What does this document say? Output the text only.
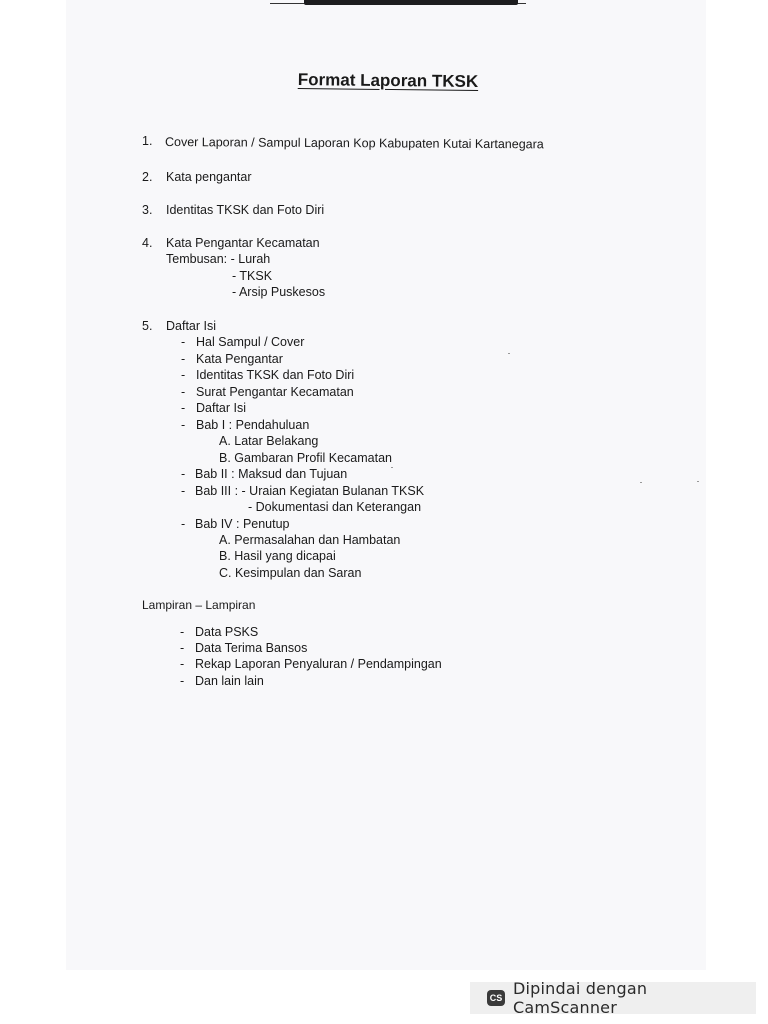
Format Laporan TKSK
1. Cover Laporan / Sampul Laporan Kop Kabupaten Kutai Kartanegara

2. Kata pengantar

3. Identitas TKSK dan Foto Diri

4. Kata Pengantar Kecamatan

Tembusan: - Lurah

- TKSK

- Arsip Puskesos

5. Daftar Isi

- Hal Sampul / Cover

- Kata Pengantar

- Identitas TKSK dan Foto Diri

- Surat Pengantar Kecamatan

- Daftar Isi

- Bab I : Pendahuluan

A. Latar Belakang

B. Gambaran Profil Kecamatan

- Bab II : Maksud dan Tujuan

- Bab III : - Uraian Kegiatan Bulanan TKSK

- Dokumentasi dan Keterangan

- Bab IV : Penutup

A. Permasalahan dan Hambatan

B. Hasil yang dicapai

C. Kesimpulan dan Saran

Lampiran – Lampiran

- Data PSKS

- Data Terima Bansos

- Rekap Laporan Penyaluran / Pendampingan

- Dan lain lain

CS Dipindai dengan CamScanner
